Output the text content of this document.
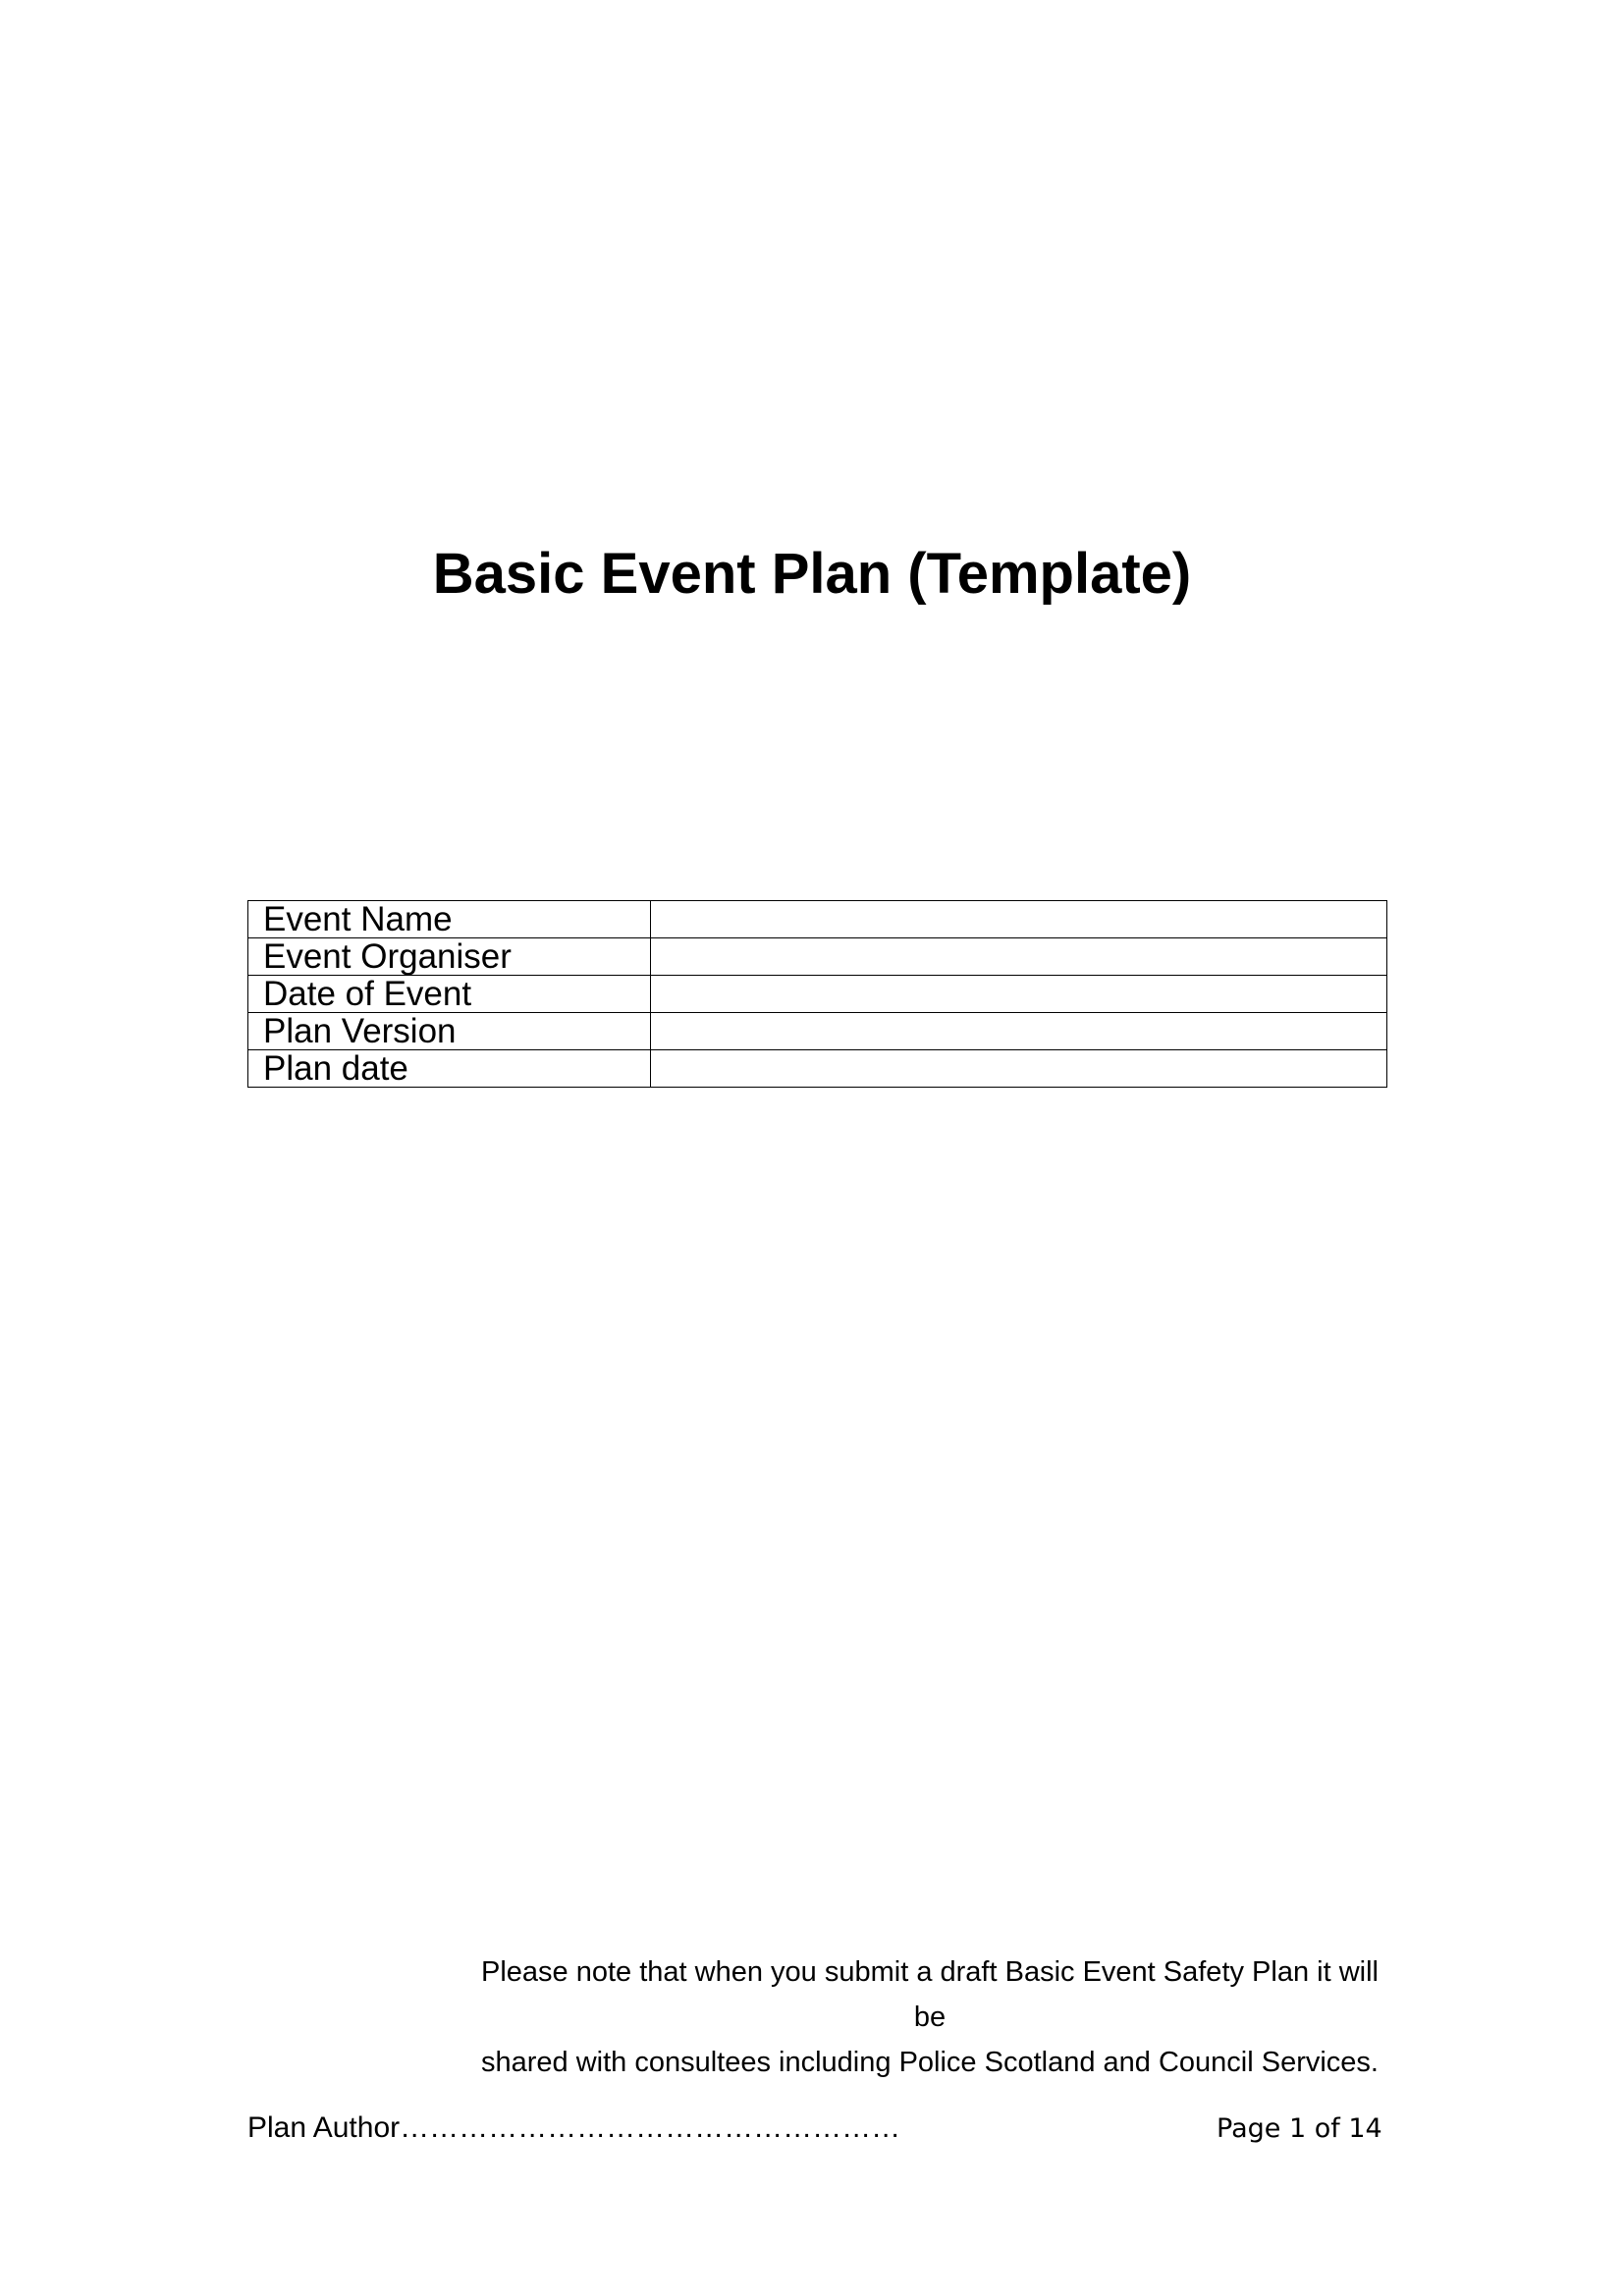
Basic Event Plan (Template)
Event Name	
Event Organiser	
Date of Event	
Plan Version	
Plan date	

Please note that when you submit a draft Basic Event Safety Plan it will be
shared with consultees including Police Scotland and Council Services.

Plan Author……………………………………………	Page 1 of 14
